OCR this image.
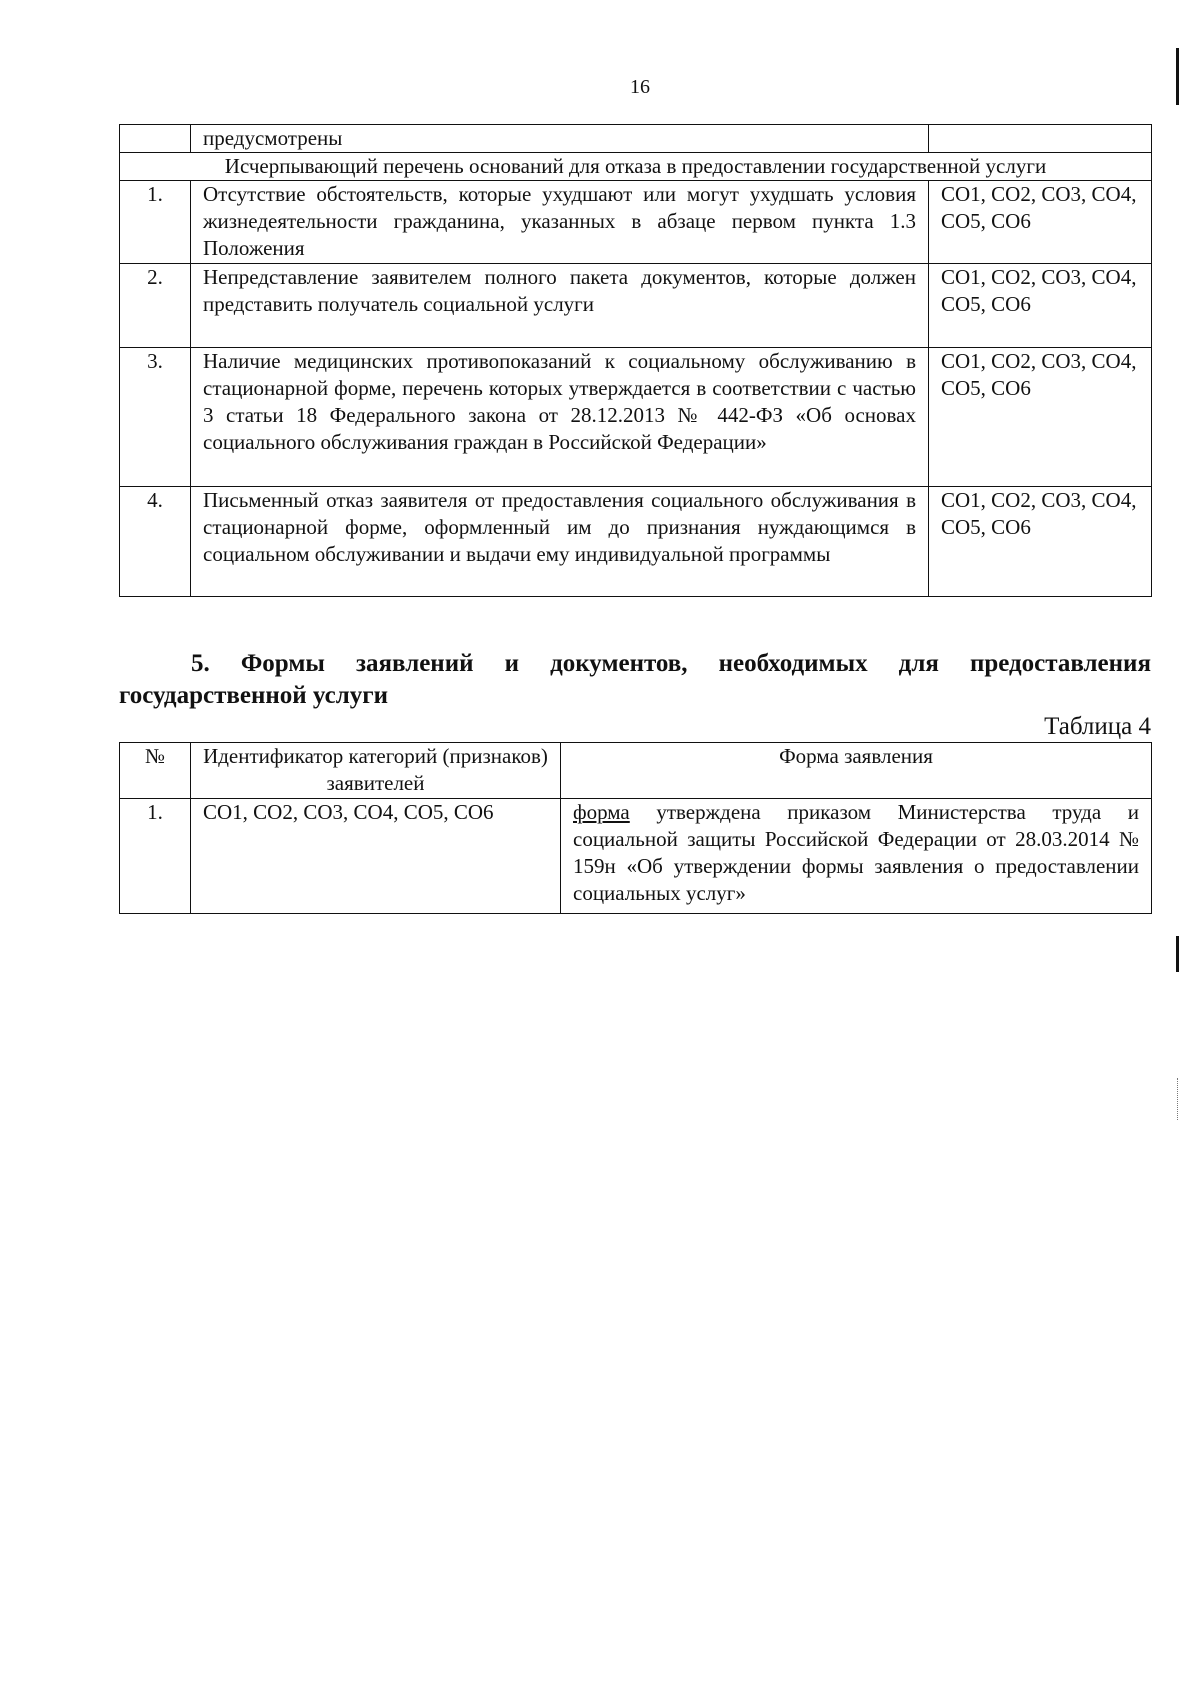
16
	предусмотрены	
Исчерпывающий перечень оснований для отказа в предоставлении государственной услуги		
1.	Отсутствие обстоятельств, которые ухудшают или могут ухудшать условия жизнедеятельности гражданина, указанных в абзаце первом пункта 1.3 Положения	CO1, CO2, CO3, CO4, CO5, CO6
2.	Непредставление заявителем полного пакета документов, которые должен представить получатель социальной услуги	CO1, CO2, CO3, CO4, CO5, CO6
3.	Наличие медицинских противопоказаний к социальному обслуживанию в стационарной форме, перечень которых утверждается в соответствии с частью 3 статьи 18 Федерального закона от 28.12.2013 № 442-ФЗ «Об основах социального обслуживания граждан в Российской Федерации»	CO1, CO2, CO3, CO4, CO5, CO6
4.	Письменный отказ заявителя от предоставления социального обслуживания в стационарной форме, оформленный им до признания нуждающимся в социальном обслуживании и выдачи ему индивидуальной программы	CO1, CO2, CO3, CO4, CO5, CO6
5. Формы заявлений и документов, необходимых для предоставления
государственной услуги
Таблица 4
№	Идентификатор категорий (признаков) заявителей	Форма заявления
1.	CO1, CO2, CO3, CO4, CO5, CO6	форма утверждена приказом Министерства труда и социальной защиты Российской Федерации от 28.03.2014 № 159н «Об утверждении формы заявления о предоставлении социальных услуг»
